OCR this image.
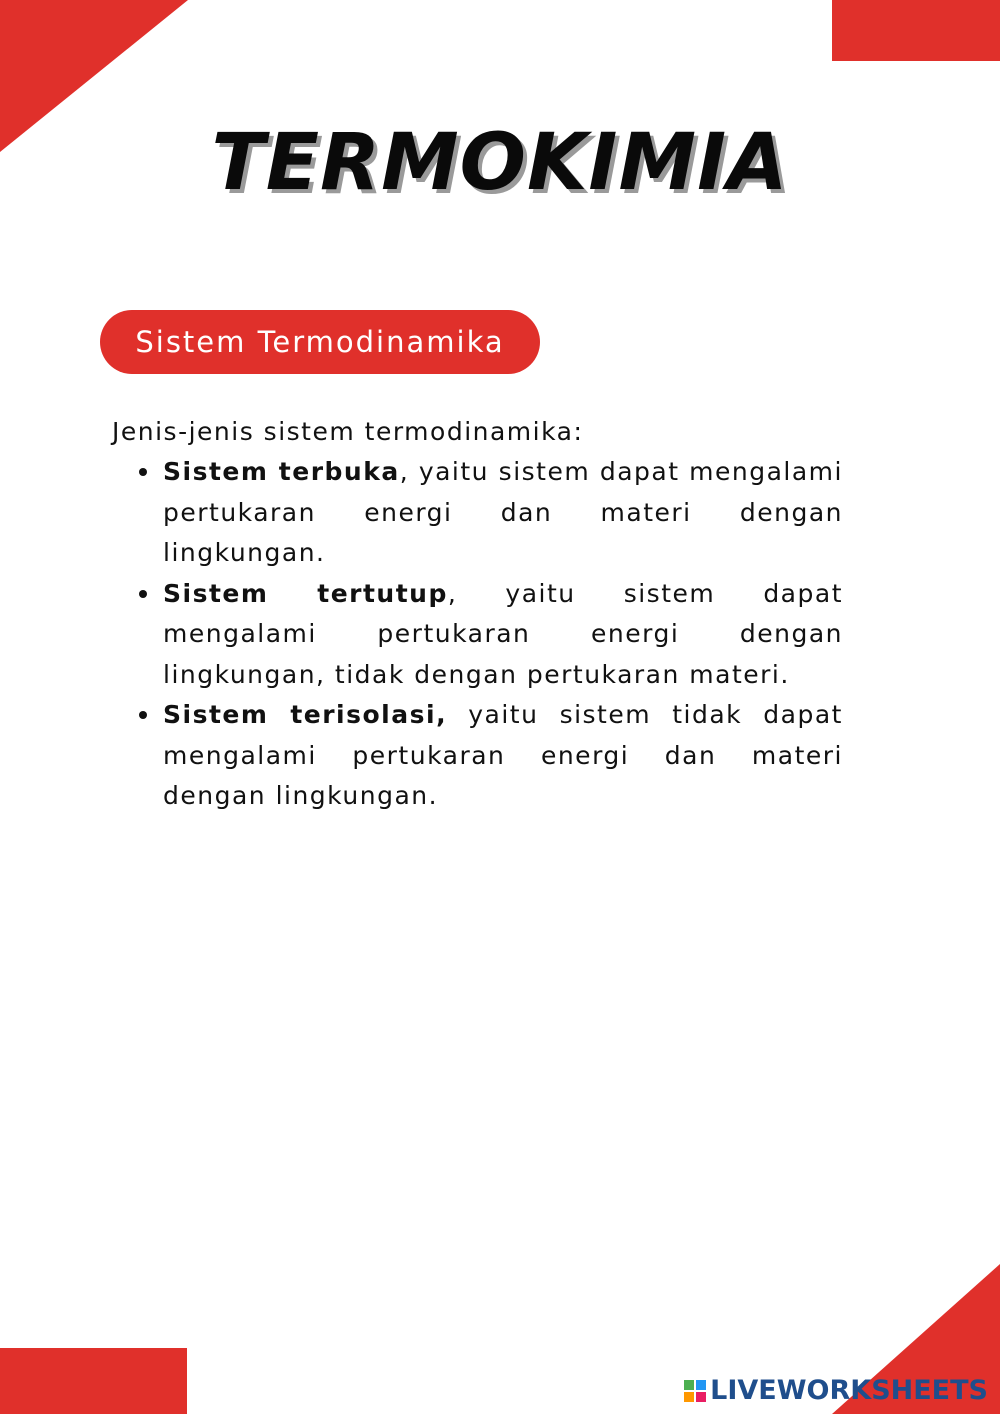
TERMOKIMIA
Sistem Termodinamika

Jenis-jenis sistem termodinamika:

Sistem terbuka, yaitu sistem dapat mengalami pertukaran energi dan materi dengan lingkungan.
Sistem tertutup, yaitu sistem dapat mengalami pertukaran energi dengan lingkungan, tidak dengan pertukaran materi.
Sistem terisolasi, yaitu sistem tidak dapat mengalami pertukaran energi dan materi dengan lingkungan.
LIVEWORKSHEETS
